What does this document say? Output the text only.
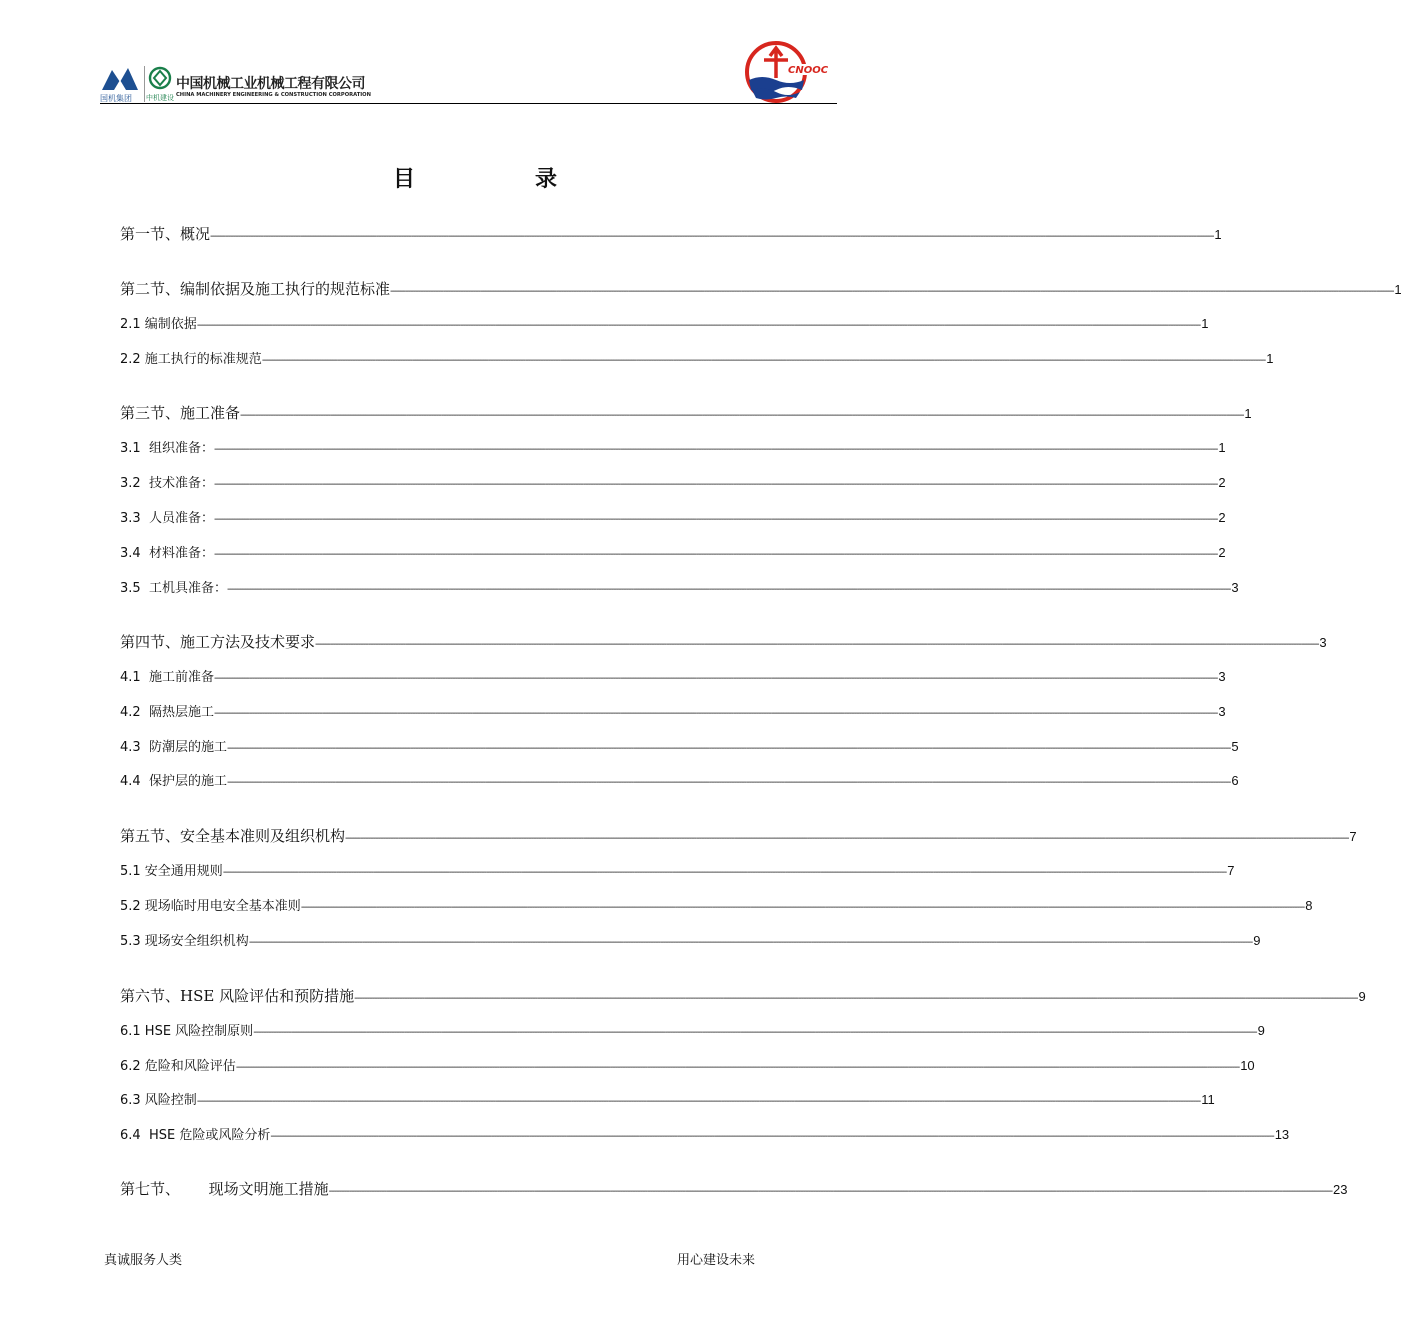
国机集团
中国机械工业机械工程有限公司
CHINA MACHINERY ENGINEERING & CONSTRUCTION CORPORATION
中机建设
CNOOC
目	录
第一节、概况 ---------------------------------------------------------------------------------------------------------------------------------------------------------------------------------------------------------------------------------------------------------------------------------------------------------------------------------------------------------------------------------------------------------------- 1
第二节、编制依据及施工执行的规范标准 ---------------------------------------------------------------------------------------------------------------------------------------------------------------------------------------------------------------------------------------------------------------------------------------------------------------------------------------------------------------------------------------------------------------- 1
2.1 编制依据 ---------------------------------------------------------------------------------------------------------------------------------------------------------------------------------------------------------------------------------------------------------------------------------------------------------------------------------------------------------------------------------------------------------------- 1
2.2 施工执行的标准规范 ---------------------------------------------------------------------------------------------------------------------------------------------------------------------------------------------------------------------------------------------------------------------------------------------------------------------------------------------------------------------------------------------------------------- 1
第三节、施工准备 ---------------------------------------------------------------------------------------------------------------------------------------------------------------------------------------------------------------------------------------------------------------------------------------------------------------------------------------------------------------------------------------------------------------- 1
3.1  组织准备： ---------------------------------------------------------------------------------------------------------------------------------------------------------------------------------------------------------------------------------------------------------------------------------------------------------------------------------------------------------------------------------------------------------------- 1
3.2  技术准备： ---------------------------------------------------------------------------------------------------------------------------------------------------------------------------------------------------------------------------------------------------------------------------------------------------------------------------------------------------------------------------------------------------------------- 2
3.3  人员准备： ---------------------------------------------------------------------------------------------------------------------------------------------------------------------------------------------------------------------------------------------------------------------------------------------------------------------------------------------------------------------------------------------------------------- 2
3.4  材料准备： ---------------------------------------------------------------------------------------------------------------------------------------------------------------------------------------------------------------------------------------------------------------------------------------------------------------------------------------------------------------------------------------------------------------- 2
3.5  工机具准备： ---------------------------------------------------------------------------------------------------------------------------------------------------------------------------------------------------------------------------------------------------------------------------------------------------------------------------------------------------------------------------------------------------------------- 3
第四节、施工方法及技术要求 ---------------------------------------------------------------------------------------------------------------------------------------------------------------------------------------------------------------------------------------------------------------------------------------------------------------------------------------------------------------------------------------------------------------- 3
4.1  施工前准备 ---------------------------------------------------------------------------------------------------------------------------------------------------------------------------------------------------------------------------------------------------------------------------------------------------------------------------------------------------------------------------------------------------------------- 3
4.2  隔热层施工 ---------------------------------------------------------------------------------------------------------------------------------------------------------------------------------------------------------------------------------------------------------------------------------------------------------------------------------------------------------------------------------------------------------------- 3
4.3  防潮层的施工 ---------------------------------------------------------------------------------------------------------------------------------------------------------------------------------------------------------------------------------------------------------------------------------------------------------------------------------------------------------------------------------------------------------------- 5
4.4  保护层的施工 ---------------------------------------------------------------------------------------------------------------------------------------------------------------------------------------------------------------------------------------------------------------------------------------------------------------------------------------------------------------------------------------------------------------- 6
第五节、安全基本准则及组织机构 ---------------------------------------------------------------------------------------------------------------------------------------------------------------------------------------------------------------------------------------------------------------------------------------------------------------------------------------------------------------------------------------------------------------- 7
5.1 安全通用规则 ---------------------------------------------------------------------------------------------------------------------------------------------------------------------------------------------------------------------------------------------------------------------------------------------------------------------------------------------------------------------------------------------------------------- 7
5.2 现场临时用电安全基本准则 ---------------------------------------------------------------------------------------------------------------------------------------------------------------------------------------------------------------------------------------------------------------------------------------------------------------------------------------------------------------------------------------------------------------- 8
5.3 现场安全组织机构 ---------------------------------------------------------------------------------------------------------------------------------------------------------------------------------------------------------------------------------------------------------------------------------------------------------------------------------------------------------------------------------------------------------------- 9
第六节、HSE 风险评估和预防措施 ---------------------------------------------------------------------------------------------------------------------------------------------------------------------------------------------------------------------------------------------------------------------------------------------------------------------------------------------------------------------------------------------------------------- 9
6.1 HSE 风险控制原则 ---------------------------------------------------------------------------------------------------------------------------------------------------------------------------------------------------------------------------------------------------------------------------------------------------------------------------------------------------------------------------------------------------------------- 9
6.2 危险和风险评估 ---------------------------------------------------------------------------------------------------------------------------------------------------------------------------------------------------------------------------------------------------------------------------------------------------------------------------------------------------------------------------------------------------------------- 10
6.3 风险控制 ---------------------------------------------------------------------------------------------------------------------------------------------------------------------------------------------------------------------------------------------------------------------------------------------------------------------------------------------------------------------------------------------------------------- 11
6.4  HSE 危险或风险分析 ---------------------------------------------------------------------------------------------------------------------------------------------------------------------------------------------------------------------------------------------------------------------------------------------------------------------------------------------------------------------------------------------------------------- 13
第七节、      现场文明施工措施 ---------------------------------------------------------------------------------------------------------------------------------------------------------------------------------------------------------------------------------------------------------------------------------------------------------------------------------------------------------------------------------------------------------------- 23
真诚服务人类	用心建设未来
